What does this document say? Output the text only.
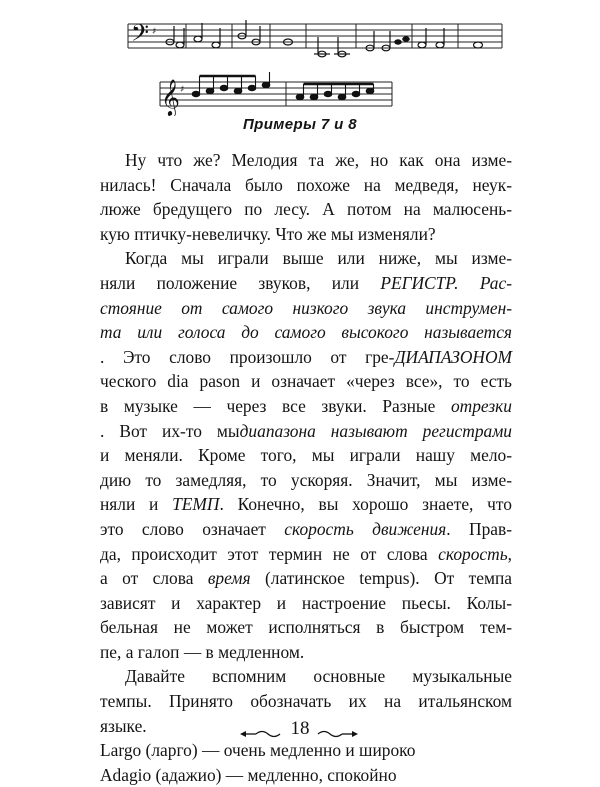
𝄢 ♯
𝄞 ♯
Примеры 7 и 8
Ну что же? Мелодия та же, но как она изме-
нилась! Сначала было похоже на медведя, неук-
люже бредущего по лесу. А потом на малюсень-
кую птичку-невеличку. Что же мы изменяли?
Когда мы играли выше или ниже, мы измe-
няли положение звуков, или РЕГИСТР. Рас-
стояние от самого низкого звука инструмен-
та или голоса до самого высокого называется
. Это слово произошло от гре-ДИАПАЗОНОМ
ческого dia pason и означает «через все», то есть
в музыке — через все звуки. Разные отрезки
. Вот их-то мыдиапазона называют регистрами
и меняли. Кроме того, мы играли нашу мело-
дию то замедляя, то ускоряя. Значит, мы изме-
няли и ТЕМП. Конечно, вы хорошо знаете, что
это слово означает скорость движения. Прав-
да, происходит этот термин не от слова скорость,
а от слова время (латинское tempus). От темпа
зависят и характер и настроение пьесы. Колы-
бельная не может исполняться в быстром тем-
пе, а галоп — в медленном.
Давайте вспомним основные музыкальные
темпы. Принято обозначать их на итальянском
языке.
Largo (ларго) — очень медленно и широко
Adagio (адажио) — медленно, спокойно
18
